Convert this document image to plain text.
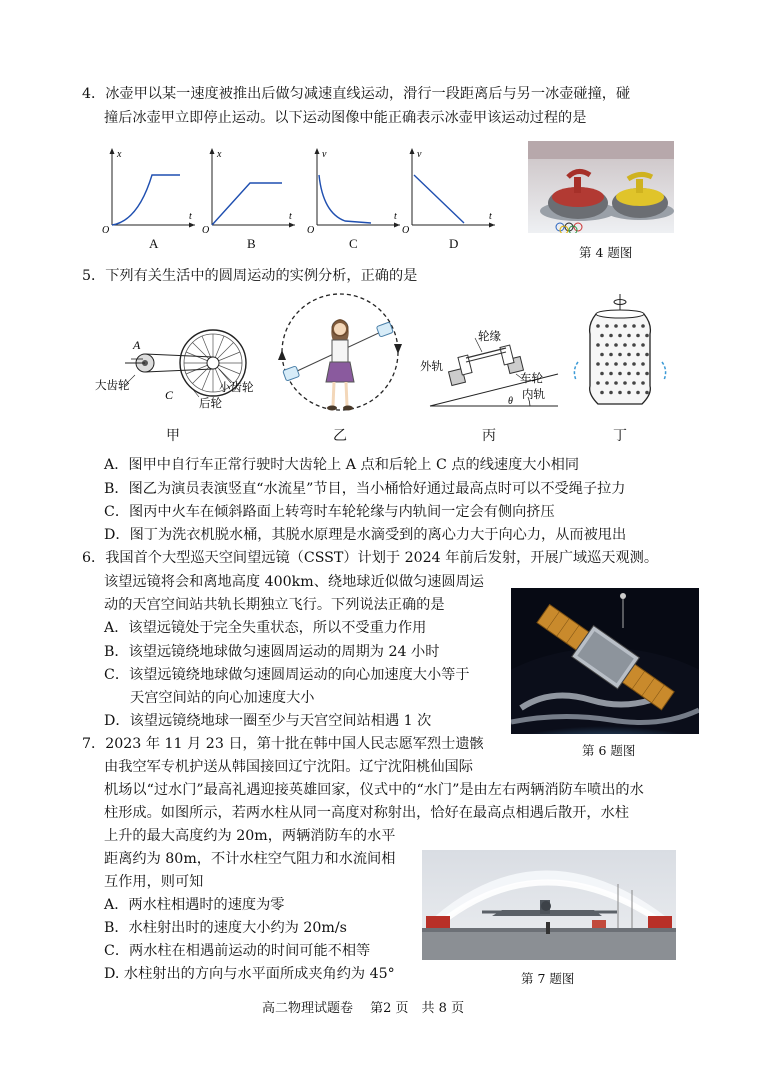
4．冰壶甲以某一速度被推出后做匀减速直线运动，滑行一段距离后与另一冰壶碰撞，碰
撞后冰壶甲立即停止运动。以下运动图像中能正确表示冰壶甲该运动过程的是
x
t
O
A
x
t
O
B
v
t
O
C
v
t
O
D
第 4 题图
5．下列有关生活中的圆周运动的实例分析，正确的是
A
大齿轮
C	小齿轮
后轮
甲	乙
轮缘
外轨
车轮
内轨
θ
丙	丁
A．图甲中自行车正常行驶时大齿轮上 A 点和后轮上 C 点的线速度大小相同
B．图乙为演员表演竖直“水流星”节目，当小桶恰好通过最高点时可以不受绳子拉力
C．图丙中火车在倾斜路面上转弯时车轮轮缘与内轨间一定会有侧向挤压
D．图丁为洗衣机脱水桶，其脱水原理是水滴受到的离心力大于向心力，从而被甩出
6．我国首个大型巡天空间望远镜（CSST）计划于 2024 年前后发射，开展广域巡天观测。
该望远镜将会和离地高度 400km、绕地球近似做匀速圆周运
动的天宫空间站共轨长期独立飞行。下列说法正确的是
A．该望远镜处于完全失重状态，所以不受重力作用
B．该望远镜绕地球做匀速圆周运动的周期为 24 小时
C．该望远镜绕地球做匀速圆周运动的向心加速度大小等于
天宫空间站的向心加速度大小
D．该望远镜绕地球一圈至少与天宫空间站相遇 1 次
第 6 题图
7．2023 年 11 月 23 日，第十批在韩中国人民志愿军烈士遗骸
由我空军专机护送从韩国接回辽宁沈阳。辽宁沈阳桃仙国际
机场以“过水门”最高礼遇迎接英雄回家，仪式中的“水门”是由左右两辆消防车喷出的水
柱形成。如图所示，若两水柱从同一高度对称射出，恰好在最高点相遇后散开，水柱
上升的最大高度约为 20m，两辆消防车的水平
距离约为 80m，不计水柱空气阻力和水流间相
互作用，则可知
A．两水柱相遇时的速度为零
B．水柱射出时的速度大小约为 20m/s
C．两水柱在相遇前运动的时间可能不相等
D. 水柱射出的方向与水平面所成夹角约为 45°	第 7 题图
高二物理试题卷　 第2 页　共 8 页
